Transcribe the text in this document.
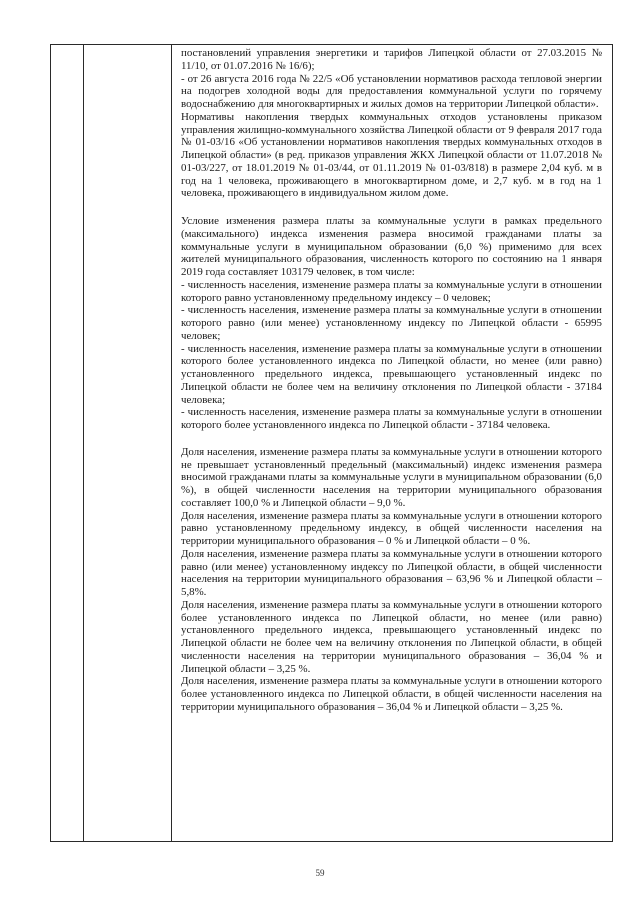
постановлений управления энергетики и тарифов Липецкой области от 27.03.2015 № 11/10, от 01.07.2016 № 16/6);

- от 26 августа 2016 года № 22/5 «Об установлении нормативов расхода тепловой энергии на подогрев холодной воды для предоставления коммунальной услуги по горячему водоснабжению для многоквартирных и жилых домов на территории Липецкой области».

Нормативы накопления твердых коммунальных отходов установлены приказом управления жилищно-коммунального хозяйства Липецкой области от 9 февраля 2017 года № 01-03/16 «Об установлении нормативов накопления твердых коммунальных отходов в Липецкой области» (в ред. приказов управления ЖКХ Липецкой области от 11.07.2018 № 01-03/227, от 18.01.2019 № 01-03/44, от 01.11.2019 № 01-03/818) в размере 2,04 куб. м в год на 1 человека, проживающего в многоквартирном доме, и 2,7 куб. м в год на 1 человека, проживающего в индивидуальном жилом доме.

Условие изменения размера платы за коммунальные услуги в рамках предельного (максимального) индекса изменения размера вносимой гражданами платы за коммунальные услуги в муниципальном образовании (6,0 %) применимо для всех жителей муниципального образования, численность которого по состоянию на 1 января 2019 года составляет 103179 человек, в том числе:

- численность населения, изменение размера платы за коммунальные услуги в отношении которого равно установленному предельному индексу – 0 человек;

- численность населения, изменение размера платы за коммунальные услуги в отношении которого равно (или менее) установленному индексу по Липецкой области - 65995 человек;

- численность населения, изменение размера платы за коммунальные услуги в отношении которого более установленного индекса по Липецкой области, но менее (или равно) установленного предельного индекса, превышающего установленный индекс по Липецкой области не более чем на величину отклонения по Липецкой области - 37184 человека;

- численность населения, изменение размера платы за коммунальные услуги в отношении которого более установленного индекса по Липецкой области - 37184 человека.

Доля населения, изменение размера платы за коммунальные услуги в отношении которого не превышает установленный предельный (максимальный) индекс изменения размера вносимой гражданами платы за коммунальные услуги в муниципальном образовании (6,0 %), в общей численности населения на территории муниципального образования составляет 100,0 % и Липецкой области – 9,0 %.

Доля населения, изменение размера платы за коммунальные услуги в отношении которого равно установленному предельному индексу, в общей численности населения на территории муниципального образования – 0 % и Липецкой области – 0 %.

Доля населения, изменение размера платы за коммунальные услуги в отношении которого равно (или менее) установленному индексу по Липецкой области, в общей численности населения на территории муниципального образования – 63,96 % и Липецкой области – 5,8%.

Доля населения, изменение размера платы за коммунальные услуги в отношении которого более установленного индекса по Липецкой области, но менее (или равно) установленного предельного индекса, превышающего установленный индекс по Липецкой области не более чем на величину отклонения по Липецкой области, в общей численности населения на территории муниципального образования – 36,04 % и Липецкой области – 3,25 %.

Доля населения, изменение размера платы за коммунальные услуги в отношении которого более установленного индекса по Липецкой области, в общей численности населения на территории муниципального образования – 36,04 % и Липецкой области – 3,25 %.

59
